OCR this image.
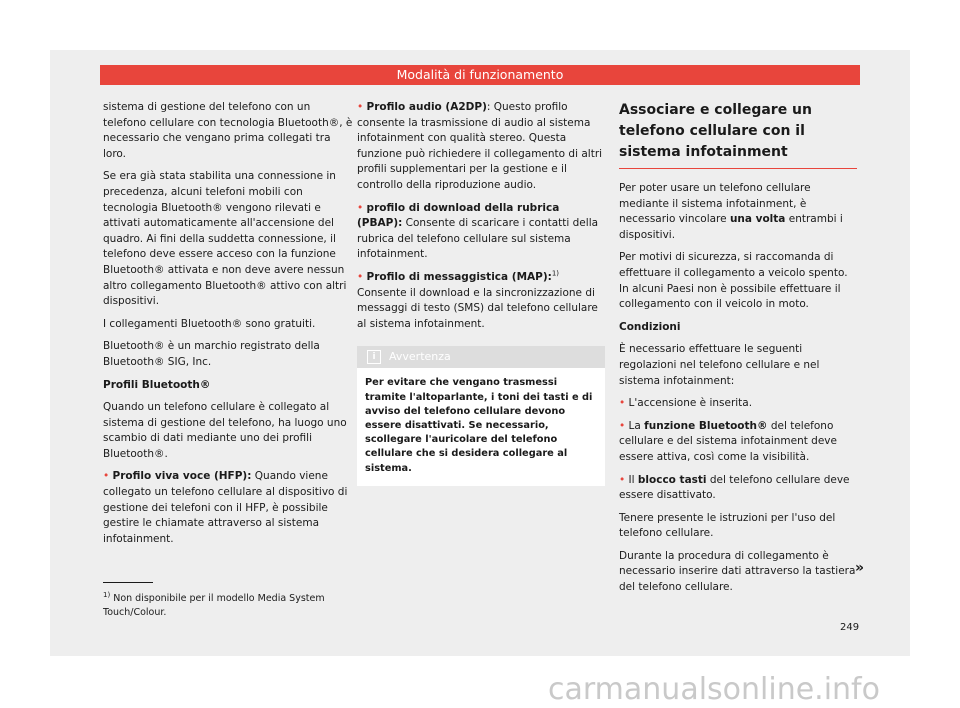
Modalità di funzionamento

sistema di gestione del telefono con un telefono cellulare con tecnologia Bluetooth®, è necessario che vengano prima collegati tra loro.

Se era già stata stabilita una connessione in precedenza, alcuni telefoni mobili con tecnologia Bluetooth® vengono rilevati e attivati automaticamente all'accensione del quadro. Ai fini della suddetta connessione, il telefono deve essere acceso con la funzione Bluetooth® attivata e non deve avere nessun altro collegamento Bluetooth® attivo con altri dispositivi.

I collegamenti Bluetooth® sono gratuiti.

Bluetooth® è un marchio registrato della Bluetooth® SIG, Inc.

Profili Bluetooth®

Quando un telefono cellulare è collegato al sistema di gestione del telefono, ha luogo uno scambio di dati mediante uno dei profili Bluetooth®.

• Profilo viva voce (HFP): Quando viene collegato un telefono cellulare al dispositivo di gestione dei telefoni con il HFP, è possibile gestire le chiamate attraverso al sistema infotainment.

• Profilo audio (A2DP): Questo profilo consente la trasmissione di audio al sistema infotainment con qualità stereo. Questa funzione può richiedere il collegamento di altri profili supplementari per la gestione e il controllo della riproduzione audio.

• profilo di download della rubrica (PBAP): Consente di scaricare i contatti della rubrica del telefono cellulare sul sistema infotainment.

• Profilo di messaggistica (MAP):$^{1)}$ Consente il download e la sincronizzazione di messaggi di testo (SMS) dal telefono cellulare al sistema infotainment.

i Avvertenza
Per evitare che vengano trasmessi tramite l'altoparlante, i toni dei tasti e di avviso del telefono cellulare devono essere disattivati. Se necessario, scollegare l'auricolare del telefono cellulare che si desidera collegare al sistema.
Associare e collegare un telefono cellulare con il sistema infotainment

Per poter usare un telefono cellulare mediante il sistema infotainment, è necessario vincolare una volta entrambi i dispositivi.

Per motivi di sicurezza, si raccomanda di effettuare il collegamento a veicolo spento. In alcuni Paesi non è possibile effettuare il collegamento con il veicolo in moto.

Condizioni

È necessario effettuare le seguenti regolazioni nel telefono cellulare e nel sistema infotainment:

• L'accensione è inserita.

• La funzione Bluetooth® del telefono cellulare e del sistema infotainment deve essere attiva, così come la visibilità.

• Il blocco tasti del telefono cellulare deve essere disattivato.

Tenere presente le istruzioni per l'uso del telefono cellulare.

Durante la procedura di collegamento è necessario inserire dati attraverso la tastiera del telefono cellulare.

»
$^{1)}$ Non disponibile per il modello Media System Touch/Colour.
249
carmanualsonline.info
